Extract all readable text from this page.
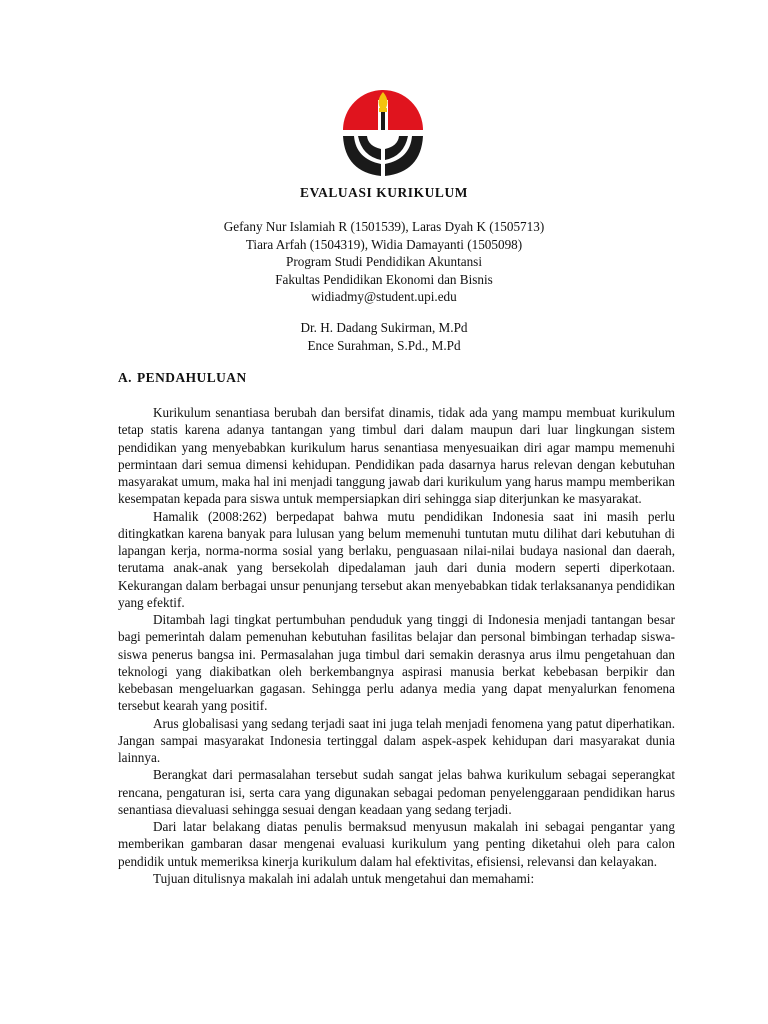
EVALUASI KURIKULUM
Gefany Nur Islamiah R (1501539), Laras Dyah K (1505713)
Tiara Arfah (1504319), Widia Damayanti (1505098)
Program Studi Pendidikan Akuntansi
Fakultas Pendidikan Ekonomi dan Bisnis
widiadmy@student.upi.edu
Dr. H. Dadang Sukirman, M.Pd
Ence Surahman, S.Pd., M.Pd
A. PENDAHULUAN

Kurikulum senantiasa berubah dan bersifat dinamis, tidak ada yang mampu membuat kurikulum tetap statis karena adanya tantangan yang timbul dari dalam maupun dari luar lingkungan sistem pendidikan yang menyebabkan kurikulum harus senantiasa menyesuaikan diri agar mampu memenuhi permintaan dari semua dimensi kehidupan. Pendidikan pada dasarnya harus relevan dengan kebutuhan masyarakat umum, maka hal ini menjadi tanggung jawab dari kurikulum yang harus mampu memberikan kesempatan kepada para siswa untuk mempersiapkan diri sehingga siap diterjunkan ke masyarakat.

Hamalik (2008:262) berpedapat bahwa mutu pendidikan Indonesia saat ini masih perlu ditingkatkan karena banyak para lulusan yang belum memenuhi tuntutan mutu dilihat dari kebutuhan di lapangan kerja, norma-norma sosial yang berlaku, penguasaan nilai-nilai budaya nasional dan daerah, terutama anak-anak yang bersekolah dipedalaman jauh dari dunia modern seperti diperkotaan. Kekurangan dalam berbagai unsur penunjang tersebut akan menyebabkan tidak terlaksananya pendidikan yang efektif.

Ditambah lagi tingkat pertumbuhan penduduk yang tinggi di Indonesia menjadi tantangan besar bagi pemerintah dalam pemenuhan kebutuhan fasilitas belajar dan personal bimbingan terhadap siswa-siswa penerus bangsa ini. Permasalahan juga timbul dari semakin derasnya arus ilmu pengetahuan dan teknologi yang diakibatkan oleh berkembangnya aspirasi manusia berkat kebebasan berpikir dan kebebasan mengeluarkan gagasan. Sehingga perlu adanya media yang dapat menyalurkan fenomena tersebut kearah yang positif.

Arus globalisasi yang sedang terjadi saat ini juga telah menjadi fenomena yang patut diperhatikan. Jangan sampai masyarakat Indonesia tertinggal dalam aspek-aspek kehidupan dari masyarakat dunia lainnya.

Berangkat dari permasalahan tersebut sudah sangat jelas bahwa kurikulum sebagai seperangkat rencana, pengaturan isi, serta cara yang digunakan sebagai pedoman penyelenggaraan pendidikan harus senantiasa dievaluasi sehingga sesuai dengan keadaan yang sedang terjadi.

Dari latar belakang diatas penulis bermaksud menyusun makalah ini sebagai pengantar yang memberikan gambaran dasar mengenai evaluasi kurikulum yang penting diketahui oleh para calon pendidik untuk memeriksa kinerja kurikulum dalam hal efektivitas, efisiensi, relevansi dan kelayakan.

Tujuan ditulisnya makalah ini adalah untuk mengetahui dan memahami:
